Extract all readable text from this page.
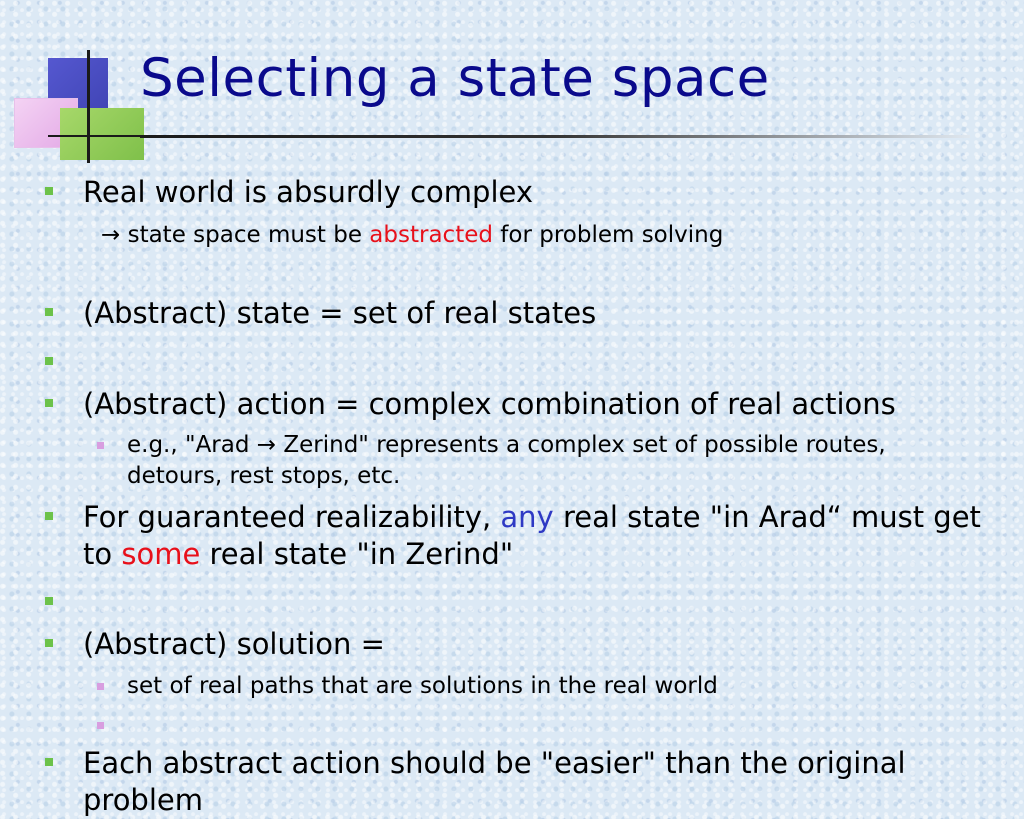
Selecting a state space
Real world is absurdly complex
→ state space must be abstracted for problem solving
(Abstract) state = set of real states
(Abstract) action = complex combination of real actions
e.g., "Arad → Zerind" represents a complex set of possible routes, detours, rest stops, etc.
For guaranteed realizability, any real state "in Arad“ must get to some real state "in Zerind"
(Abstract) solution =
set of real paths that are solutions in the real world
Each abstract action should be "easier" than the original problem
